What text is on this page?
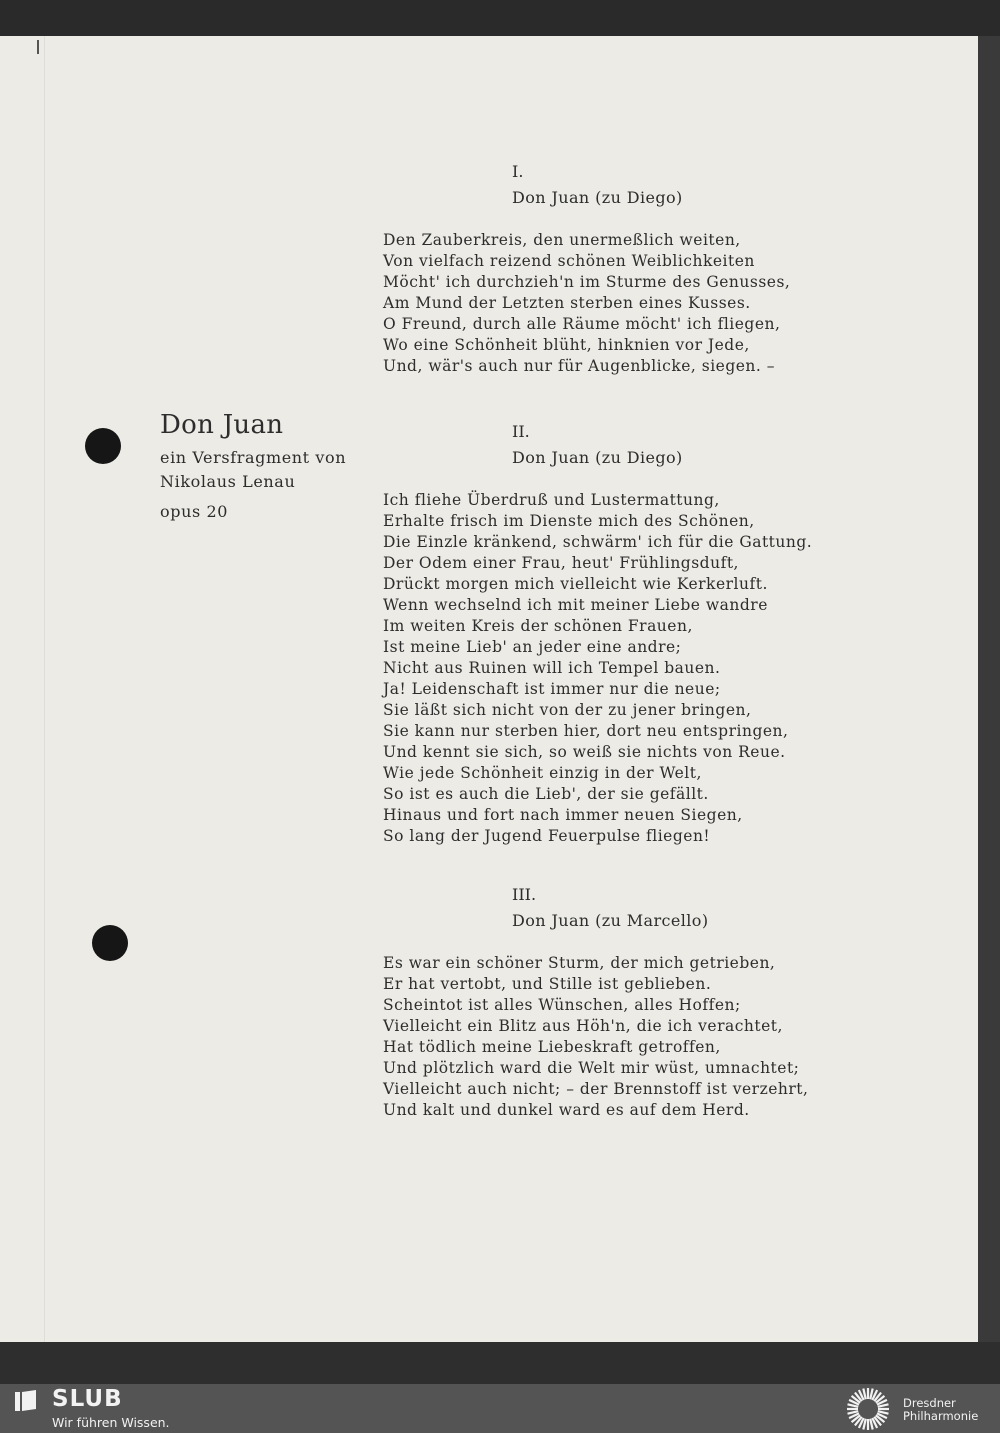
Don Juan
ein Versfragment von
Nikolaus Lenau
opus 20
I.
Don Juan (zu Diego)
Den Zauberkreis, den unermeßlich weiten,
Von vielfach reizend schönen Weiblichkeiten
Möcht' ich durchzieh'n im Sturme des Genusses,
Am Mund der Letzten sterben eines Kusses.
O Freund, durch alle Räume möcht' ich fliegen,
Wo eine Schönheit blüht, hinknien vor Jede,
Und, wär's auch nur für Augenblicke, siegen. –
II.
Don Juan (zu Diego)
Ich fliehe Überdruß und Lustermattung,
Erhalte frisch im Dienste mich des Schönen,
Die Einzle kränkend, schwärm' ich für die Gattung.
Der Odem einer Frau, heut' Frühlingsduft,
Drückt morgen mich vielleicht wie Kerkerluft.
Wenn wechselnd ich mit meiner Liebe wandre
Im weiten Kreis der schönen Frauen,
Ist meine Lieb' an jeder eine andre;
Nicht aus Ruinen will ich Tempel bauen.
Ja! Leidenschaft ist immer nur die neue;
Sie läßt sich nicht von der zu jener bringen,
Sie kann nur sterben hier, dort neu entspringen,
Und kennt sie sich, so weiß sie nichts von Reue.
Wie jede Schönheit einzig in der Welt,
So ist es auch die Lieb', der sie gefällt.
Hinaus und fort nach immer neuen Siegen,
So lang der Jugend Feuerpulse fliegen!
III.
Don Juan (zu Marcello)
Es war ein schöner Sturm, der mich getrieben,
Er hat vertobt, und Stille ist geblieben.
Scheintot ist alles Wünschen, alles Hoffen;
Vielleicht ein Blitz aus Höh'n, die ich verachtet,
Hat tödlich meine Liebeskraft getroffen,
Und plötzlich ward die Welt mir wüst, umnachtet;
Vielleicht auch nicht; – der Brennstoff ist verzehrt,
Und kalt und dunkel ward es auf dem Herd.
SLUB
Wir führen Wissen.
Dresdner
Philharmonie
